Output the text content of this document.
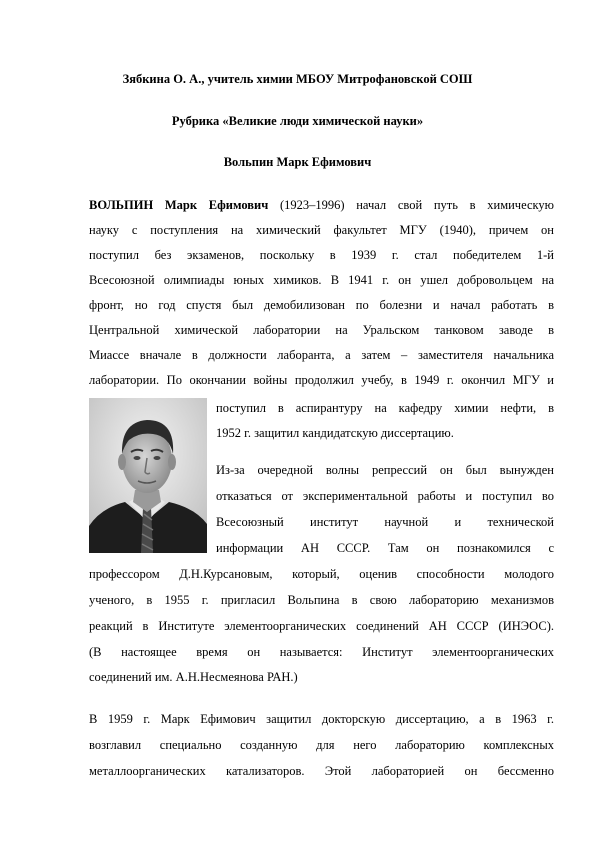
Зябкина О. А., учитель химии МБОУ Митрофановской СОШ

Рубрика «Великие люди химической науки»

Вольпин Марк Ефимович

ВОЛЬПИН Марк Ефимович (1923–1996) начал свой путь в химическую
науку с поступления на химический факультет МГУ (1940), причем он
поступил без экзаменов, поскольку в 1939 г. стал победителем 1-й
Всесоюзной олимпиады юных химиков. В 1941 г. он ушел добровольцем на
фронт, но год спустя был демобилизован по болезни и начал работать в
Центральной химической лаборатории на Уральском танковом заводе в
Миассе вначале в должности лаборанта, а затем – заместителя начальника
лаборатории. По окончании войны продолжил учебу, в 1949 г. окончил МГУ и
поступил в аспирантуру на кафедру химии нефти, в
1952 г. защитил кандидатскую диссертацию.
Из-за очередной волны репрессий он был вынужден
отказаться от экспериментальной работы и поступил во
Всесоюзный институт научной и технической
информации АН СССР. Там он познакомился с
профессором Д.Н.Курсановым, который, оценив способности молодого
ученого, в 1955 г. пригласил Вольпина в свою лабораторию механизмов
реакций в Институте элементоорганических соединений АН СССР (ИНЭОС).
(В настоящее время он называется: Институт элементоорганических
соединений им. А.Н.Несмеянова РАН.)
В 1959 г. Марк Ефимович защитил докторскую диссертацию, а в 1963 г.
возглавил специально созданную для него лабораторию комплексных
металлоорганических катализаторов. Этой лабораторией он бессменно
